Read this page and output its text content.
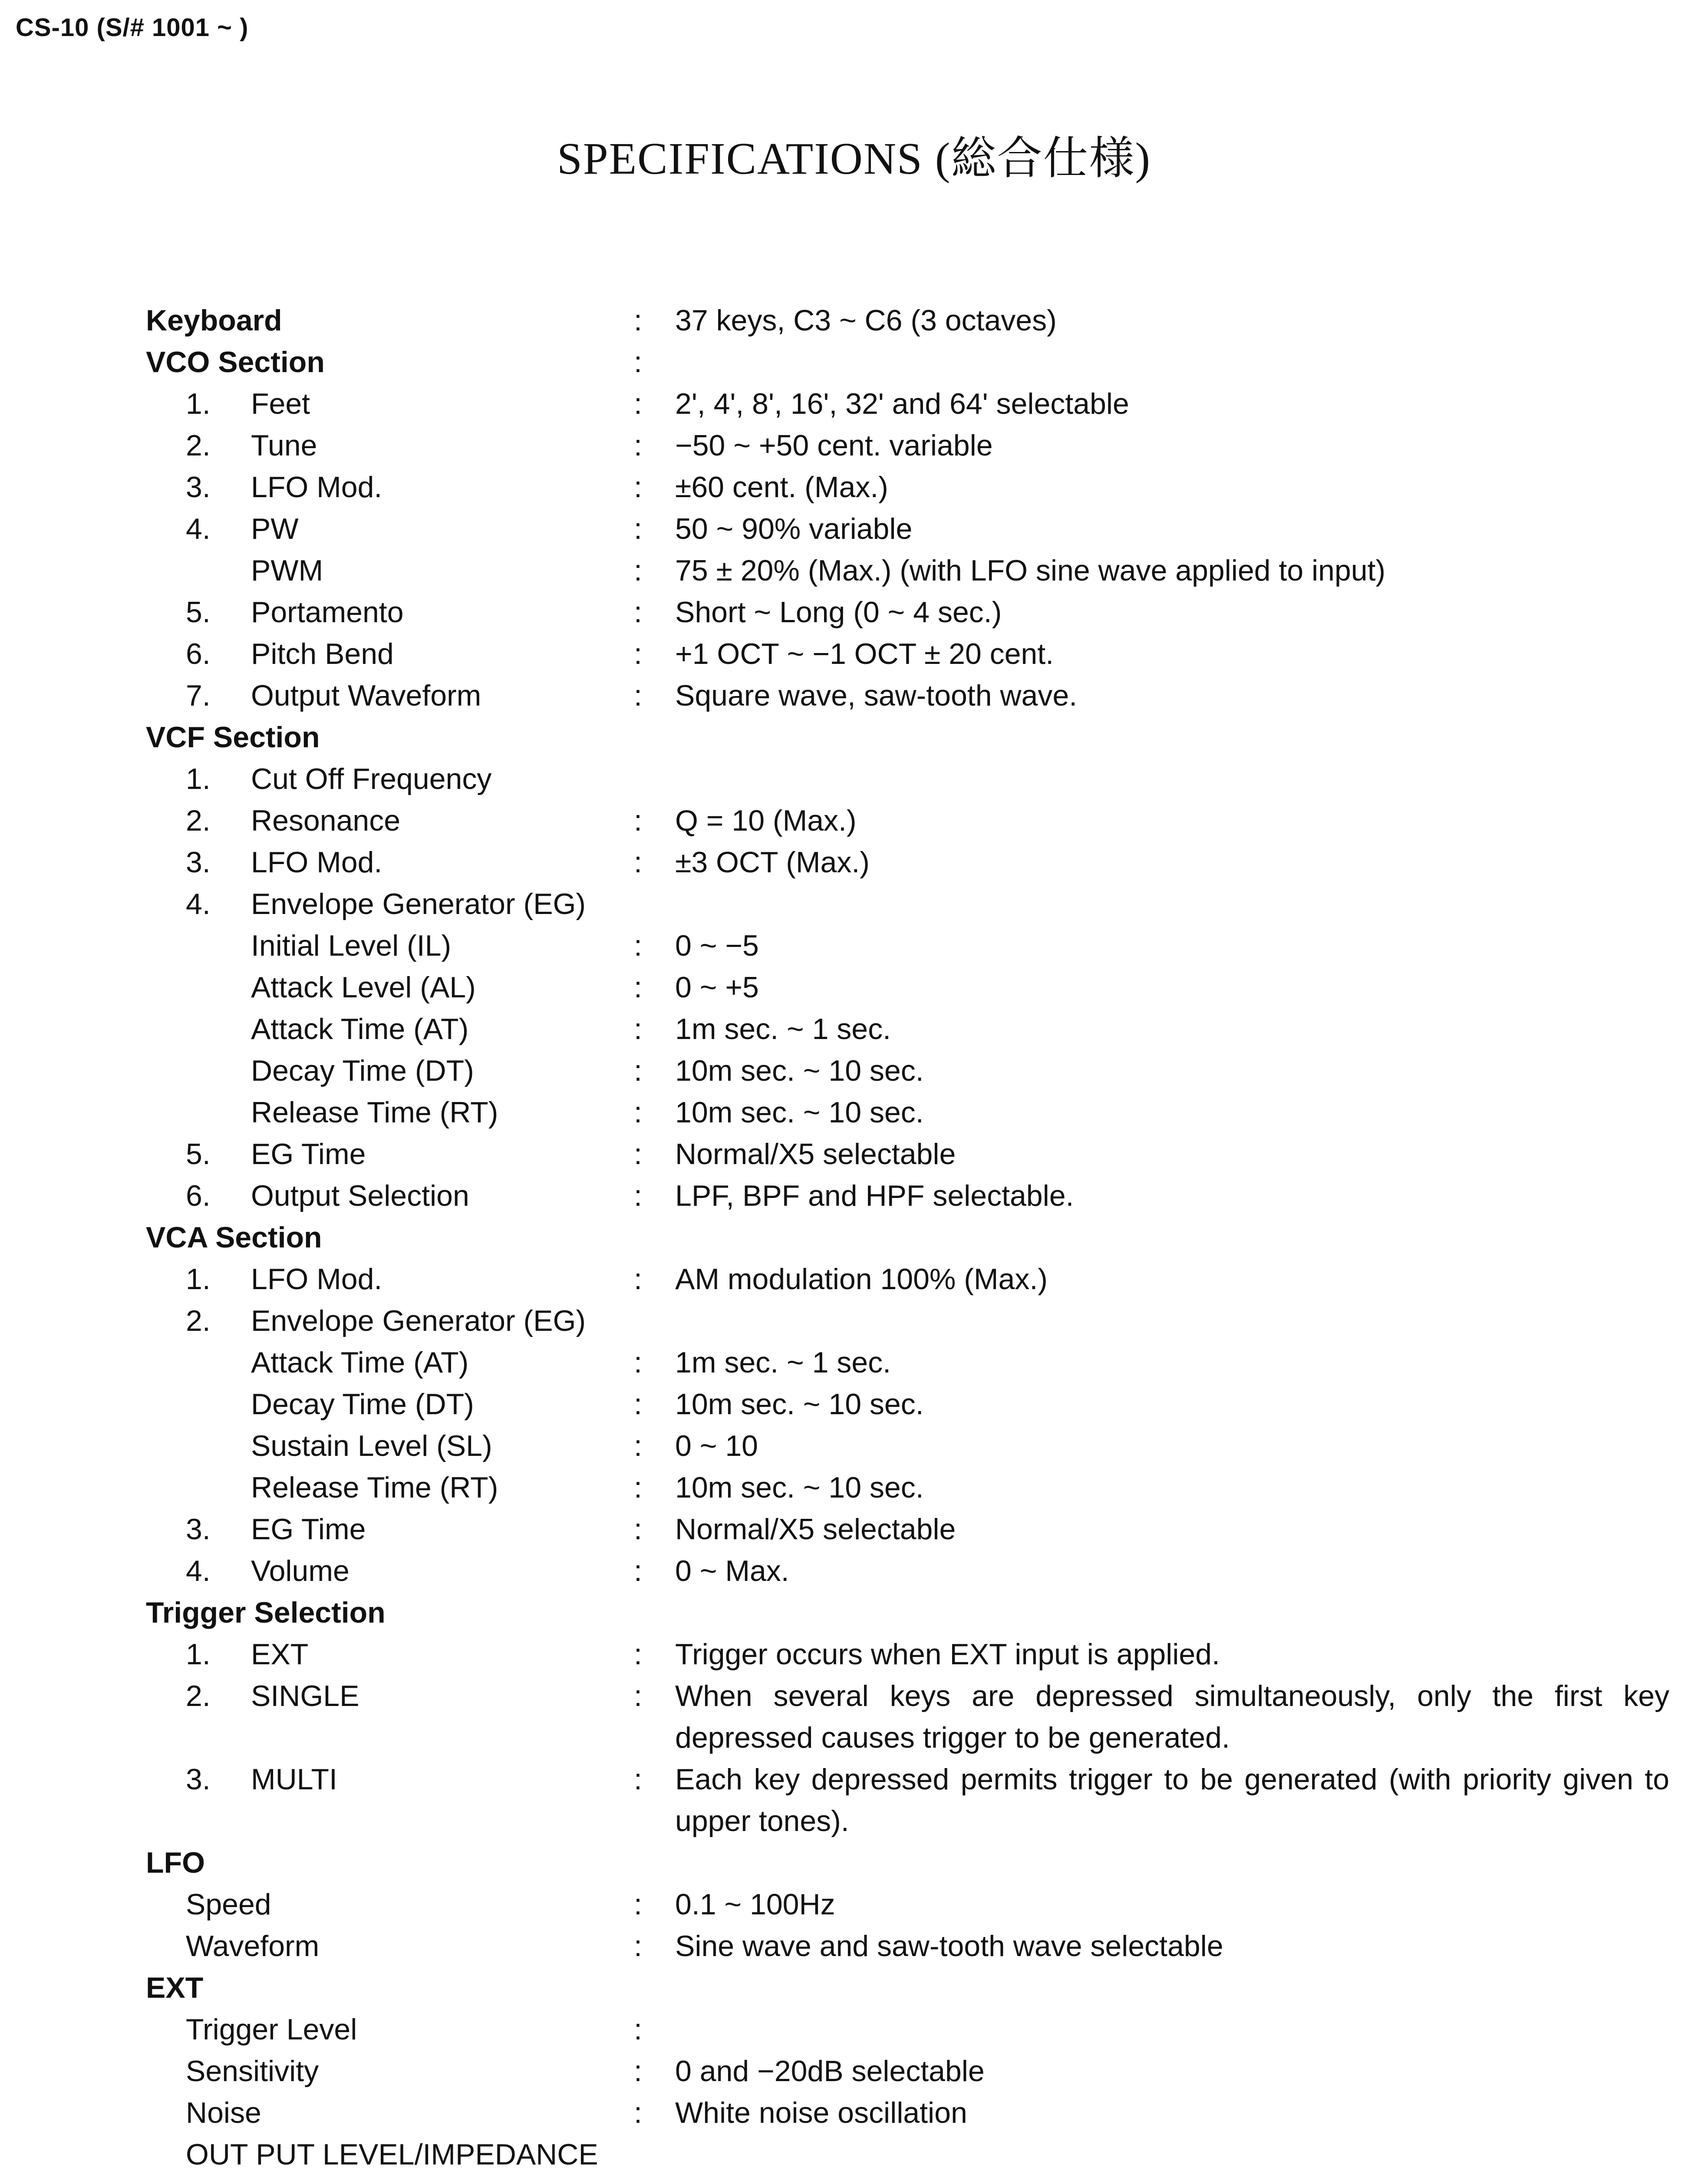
CS-10 (S/# 1001 ~ )
SPECIFICATIONS (総合仕様)
Keyboard	: 37 keys, C3 ~ C6 (3 octaves)
VCO Section	:
1. Feet	: 2', 4', 8', 16', 32' and 64' selectable
2. Tune	: −50 ~ +50 cent. variable
3. LFO Mod.	: ±60 cent. (Max.)
4. PW	: 50 ~ 90% variable
PWM	: 75 ± 20% (Max.) (with LFO sine wave applied to input)
5. Portamento	: Short ~ Long (0 ~ 4 sec.)
6. Pitch Bend	: +1 OCT ~ −1 OCT ± 20 cent.
7. Output Waveform	: Square wave, saw-tooth wave.
VCF Section
1. Cut Off Frequency
2. Resonance	: Q = 10 (Max.)
3. LFO Mod.	: ±3 OCT (Max.)
4. Envelope Generator (EG)
Initial Level (IL)	: 0 ~ −5
Attack Level (AL)	: 0 ~ +5
Attack Time (AT)	: 1m sec. ~ 1 sec.
Decay Time (DT)	: 10m sec. ~ 10 sec.
Release Time (RT)	: 10m sec. ~ 10 sec.
5. EG Time	: Normal/X5 selectable
6. Output Selection	: LPF, BPF and HPF selectable.
VCA Section
1. LFO Mod.	: AM modulation 100% (Max.)
2. Envelope Generator (EG)
Attack Time (AT)	: 1m sec. ~ 1 sec.
Decay Time (DT)	: 10m sec. ~ 10 sec.
Sustain Level (SL)	: 0 ~ 10
Release Time (RT)	: 10m sec. ~ 10 sec.
3. EG Time	: Normal/X5 selectable
4. Volume	: 0 ~ Max.
Trigger Selection
1. EXT	: Trigger occurs when EXT input is applied.
2. SINGLE	: When several keys are depressed simultaneously, only the first key depressed causes trigger to be generated.
3. MULTI	: Each key depressed permits trigger to be generated (with priority given to upper tones).
LFO
Speed	: 0.1 ~ 100Hz
Waveform	: Sine wave and saw-tooth wave selectable
EXT
Trigger Level	:
Sensitivity	: 0 and −20dB selectable
Noise	: White noise oscillation
OUT PUT LEVEL/IMPEDANCE
